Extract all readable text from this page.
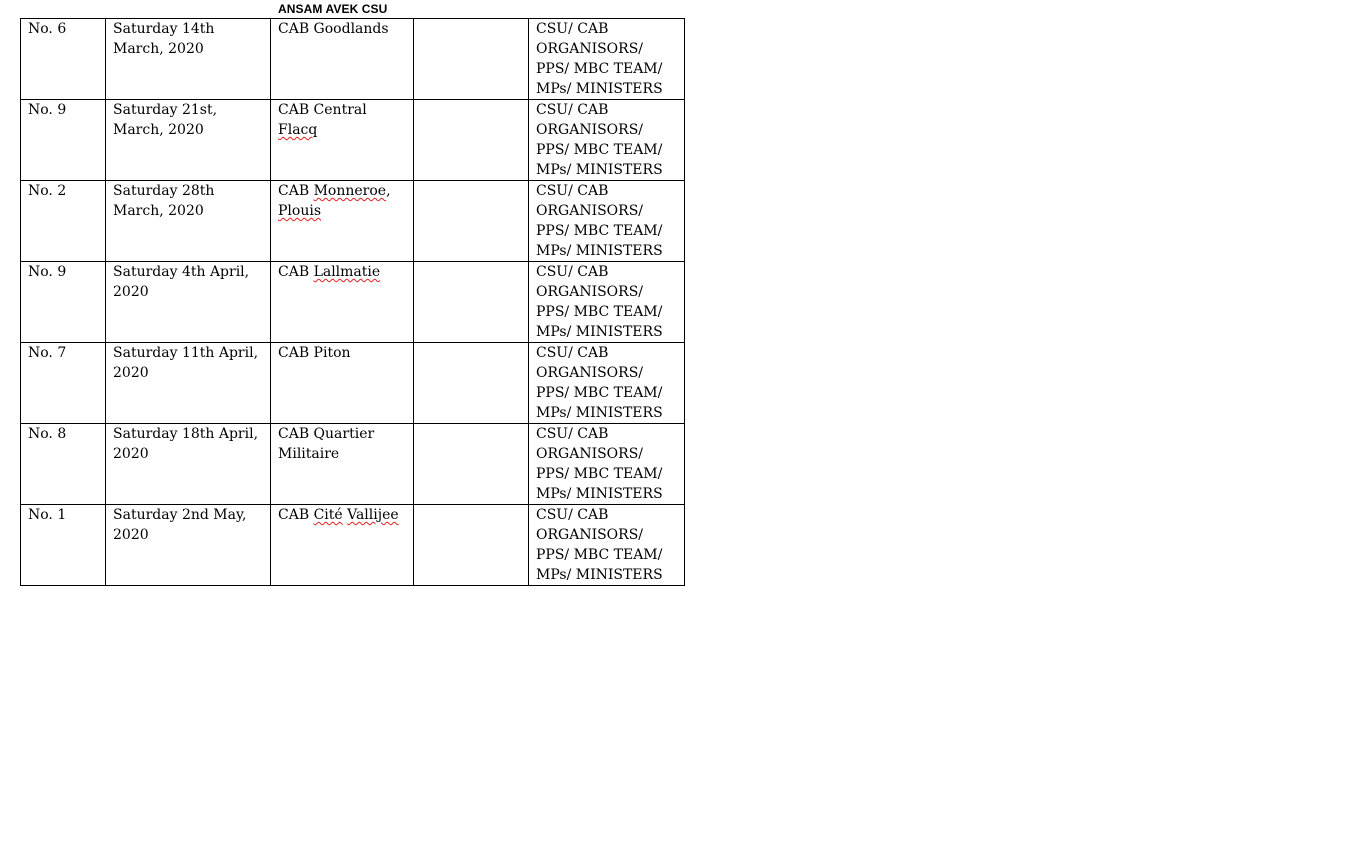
ANSAM AVEK CSU
No. 6	Saturday 14th March, 2020	CAB Goodlands		CSU/ CAB ORGANISORS/ PPS/ MBC TEAM/ MPs/ MINISTERS

No. 9	Saturday 21st, March, 2020	CAB Central Flacq		CSU/ CAB ORGANISORS/ PPS/ MBC TEAM/ MPs/ MINISTERS

No. 2	Saturday 28th March, 2020	CAB Monneroe, Plouis		CSU/ CAB ORGANISORS/ PPS/ MBC TEAM/ MPs/ MINISTERS

No. 9	Saturday 4th April, 2020	CAB Lallmatie		CSU/ CAB ORGANISORS/ PPS/ MBC TEAM/ MPs/ MINISTERS

No. 7	Saturday 11th April, 2020	CAB Piton		CSU/ CAB ORGANISORS/ PPS/ MBC TEAM/ MPs/ MINISTERS

No. 8	Saturday 18th April, 2020	CAB Quartier Militaire		CSU/ CAB ORGANISORS/ PPS/ MBC TEAM/ MPs/ MINISTERS

No. 1	Saturday 2nd May, 2020	CAB Cité Vallijee		CSU/ CAB ORGANISORS/ PPS/ MBC TEAM/ MPs/ MINISTERS
